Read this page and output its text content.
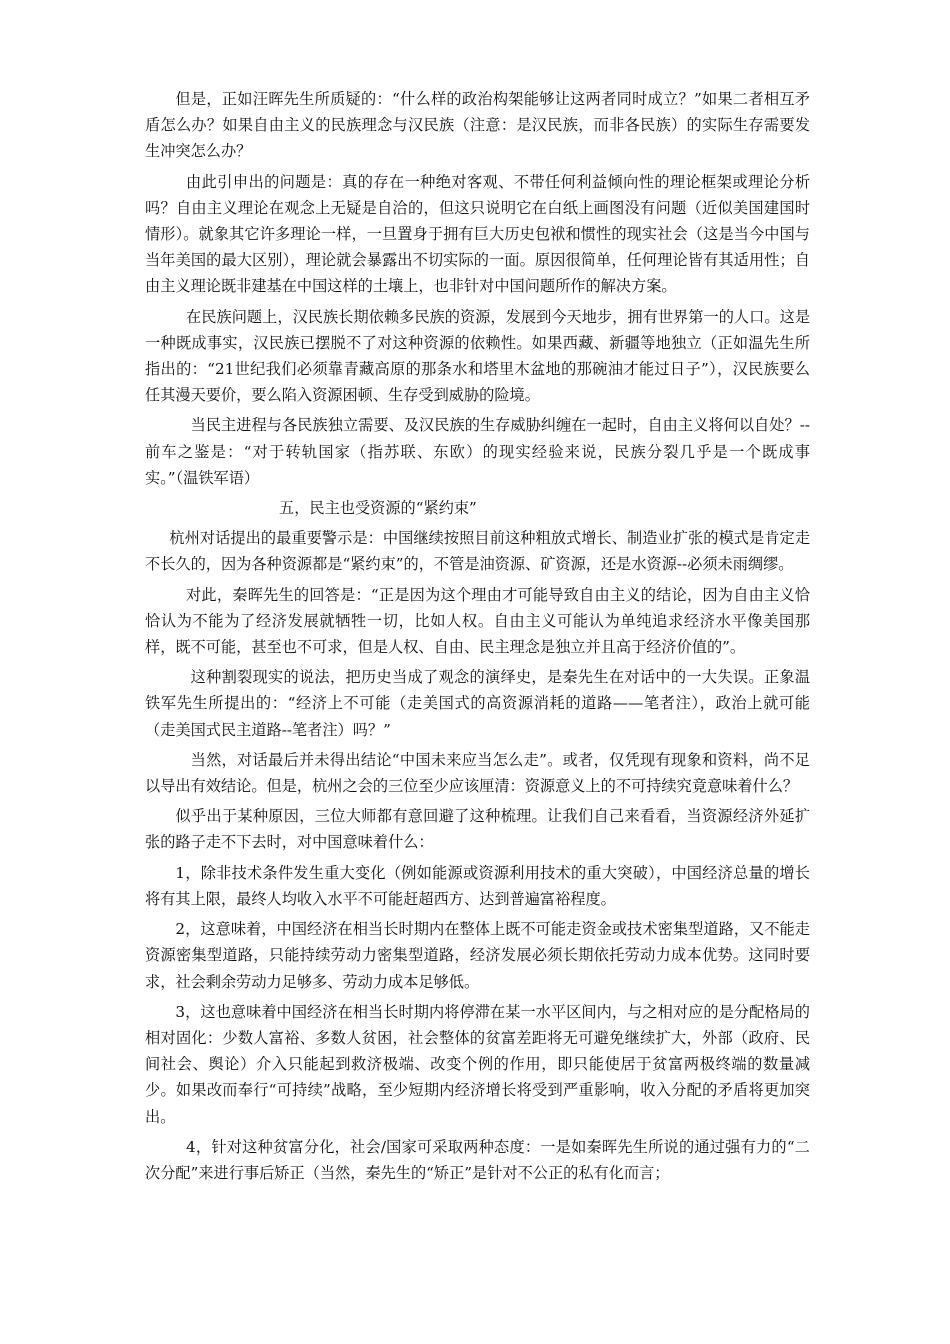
但是，正如汪晖先生所质疑的：“什么样的政治构架能够让这两者同时成立？”如果二者相互矛盾怎么办？如果自由主义的民族理念与汉民族（注意：是汉民族，而非各民族）的实际生存需要发生冲突怎么办？

由此引申出的问题是：真的存在一种绝对客观、不带任何利益倾向性的理论框架或理论分析吗？自由主义理论在观念上无疑是自洽的，但这只说明它在白纸上画图没有问题（近似美国建国时情形）。就象其它许多理论一样，一旦置身于拥有巨大历史包袱和惯性的现实社会（这是当今中国与当年美国的最大区别），理论就会暴露出不切实际的一面。原因很简单，任何理论皆有其适用性；自由主义理论既非建基在中国这样的土壤上，也非针对中国问题所作的解决方案。

在民族问题上，汉民族长期依赖多民族的资源，发展到今天地步，拥有世界第一的人口。这是一种既成事实，汉民族已摆脱不了对这种资源的依赖性。如果西藏、新疆等地独立（正如温先生所指出的：“21世纪我们必须靠青藏高原的那条水和塔里木盆地的那碗油才能过日子”），汉民族要么任其漫天要价，要么陷入资源困顿、生存受到威胁的险境。

当民主进程与各民族独立需要、及汉民族的生存威胁纠缠在一起时，自由主义将何以自处？--前车之鉴是：“对于转轨国家（指苏联、东欧）的现实经验来说，民族分裂几乎是一个既成事实。”（温铁军语）

五，民主也受资源的“紧约束”

杭州对话提出的最重要警示是：中国继续按照目前这种粗放式增长、制造业扩张的模式是肯定走不长久的，因为各种资源都是“紧约束”的，不管是油资源、矿资源，还是水资源--必须未雨绸缪。

对此，秦晖先生的回答是：“正是因为这个理由才可能导致自由主义的结论，因为自由主义恰恰认为不能为了经济发展就牺牲一切，比如人权。自由主义可能认为单纯追求经济水平像美国那样，既不可能，甚至也不可求，但是人权、自由、民主理念是独立并且高于经济价值的”。

这种割裂现实的说法，把历史当成了观念的演绎史，是秦先生在对话中的一大失误。正象温铁军先生所提出的：“经济上不可能（走美国式的高资源消耗的道路——笔者注），政治上就可能（走美国式民主道路--笔者注）吗？”

当然，对话最后并未得出结论“中国未来应当怎么走”。或者，仅凭现有现象和资料，尚不足以导出有效结论。但是，杭州之会的三位至少应该厘清：资源意义上的不可持续究竟意味着什么？

似乎出于某种原因，三位大师都有意回避了这种梳理。让我们自己来看看，当资源经济外延扩张的路子走不下去时，对中国意味着什么：

1，除非技术条件发生重大变化（例如能源或资源利用技术的重大突破），中国经济总量的增长将有其上限，最终人均收入水平不可能赶超西方、达到普遍富裕程度。

2，这意味着，中国经济在相当长时期内在整体上既不可能走资金或技术密集型道路，又不能走资源密集型道路，只能持续劳动力密集型道路，经济发展必须长期依托劳动力成本优势。这同时要求，社会剩余劳动力足够多、劳动力成本足够低。

3，这也意味着中国经济在相当长时期内将停滞在某一水平区间内，与之相对应的是分配格局的相对固化：少数人富裕、多数人贫困，社会整体的贫富差距将无可避免继续扩大，外部（政府、民间社会、舆论）介入只能起到救济极端、改变个例的作用，即只能使居于贫富两极终端的数量减少。如果改而奉行“可持续”战略，至少短期内经济增长将受到严重影响，收入分配的矛盾将更加突出。

4，针对这种贫富分化，社会/国家可采取两种态度：一是如秦晖先生所说的通过强有力的“二次分配”来进行事后矫正（当然，秦先生的“矫正”是针对不公正的私有化而言；
